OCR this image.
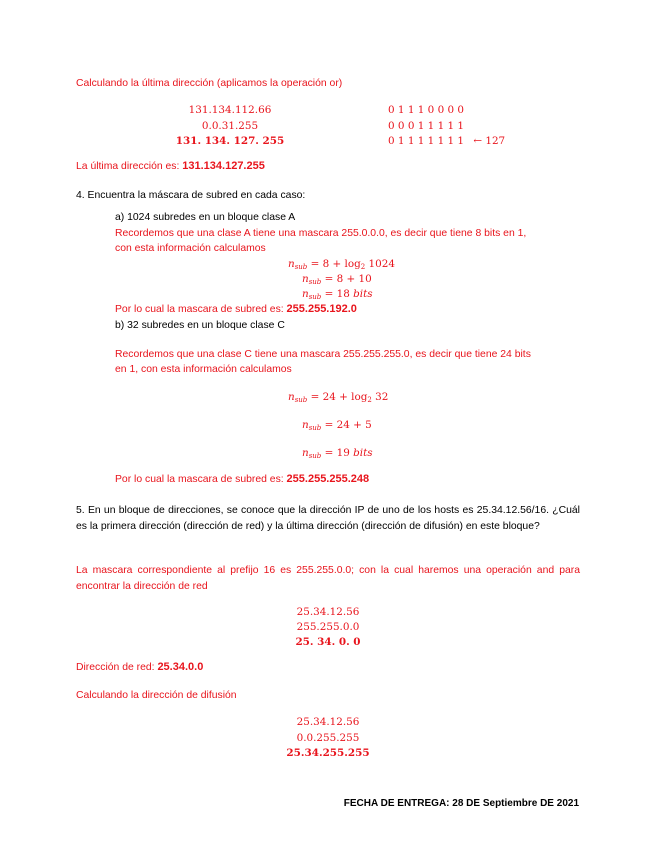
Calculando la última dirección (aplicamos la operación or)
131.134.112.66
0.0.31.255
131. 134. 127. 255
0 1 1 1 0 0 0 0
0 0 0 1 1 1 1 1
0 1 1 1 1 1 1 1 ← 127
La última dirección es: 131.134.127.255
4. Encuentra la máscara de subred en cada caso:
a) 1024 subredes en un bloque clase A
Recordemos que una clase A tiene una mascara 255.0.0.0, es decir que tiene 8 bits en 1,
con esta información calculamos
$n_{sub} = 8 + \log_2 1024$
$n_{sub} = 8 + 10$
$n_{sub} = 18$ bits
Por lo cual la mascara de subred es: 255.255.192.0
b) 32 subredes en un bloque clase C
Recordemos que una clase C tiene una mascara 255.255.255.0, es decir que tiene 24 bits
en 1, con esta información calculamos
$n_{sub} = 24 + \log_2 32$
$n_{sub} = 24 + 5$
$n_{sub} = 19$ bits
Por lo cual la mascara de subred es: 255.255.255.248
5. En un bloque de direcciones, se conoce que la dirección IP de uno de los hosts es 25.34.12.56/16. ¿Cuál es la primera dirección (dirección de red) y la última dirección (dirección de difusión) en este bloque?
La mascara correspondiente al prefijo 16 es 255.255.0.0; con la cual haremos una operación and para encontrar la dirección de red
25.34.12.56
255.255.0.0
25. 34. 0. 0
Dirección de red: 25.34.0.0
Calculando la dirección de difusión
25.34.12.56
0.0.255.255
25.34.255.255
FECHA DE ENTREGA: 28 DE Septiembre DE 2021
